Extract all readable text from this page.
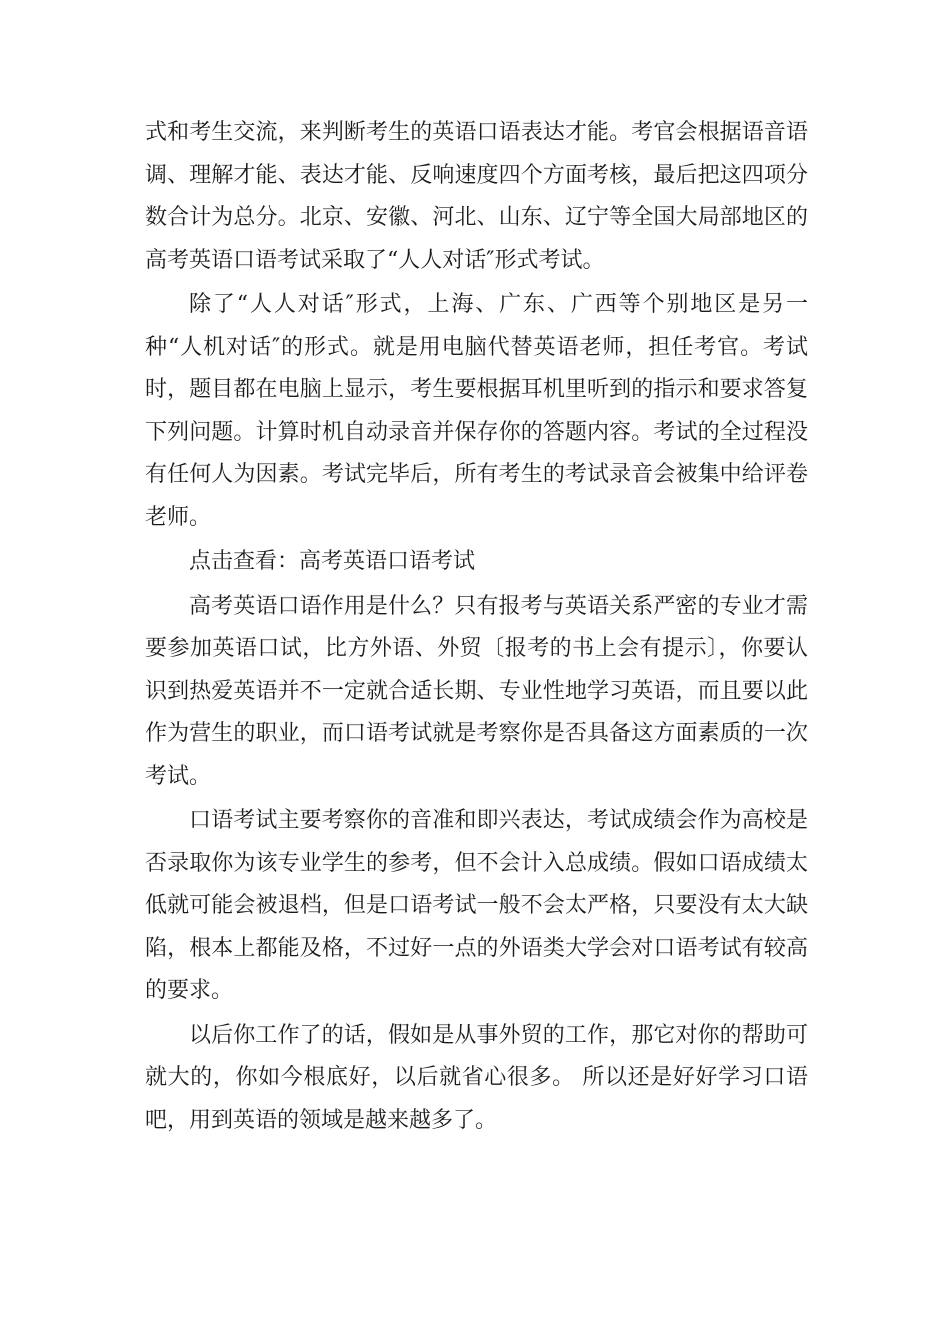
式和考生交流，来判断考生的英语口语表达才能。考官会根据语音语调、理解才能、表达才能、反响速度四个方面考核，最后把这四项分数合计为总分。北京、安徽、河北、山东、辽宁等全国大局部地区的高考英语口语考试采取了“人人对话″形式考试。

除了“人人对话″形式，上海、广东、广西等个别地区是另一种“人机对话″的形式。就是用电脑代替英语老师，担任考官。考试时，题目都在电脑上显示，考生要根据耳机里听到的指示和要求答复下列问题。计算时机自动录音并保存你的答题内容。考试的全过程没有任何人为因素。考试完毕后，所有考生的考试录音会被集中给评卷老师。

点击查看：高考英语口语考试

高考英语口语作用是什么？只有报考与英语关系严密的专业才需要参加英语口试，比方外语、外贸〔报考的书上会有提示〕，你要认识到热爱英语并不一定就合适长期、专业性地学习英语，而且要以此作为营生的职业，而口语考试就是考察你是否具备这方面素质的一次考试。

口语考试主要考察你的音准和即兴表达，考试成绩会作为高校是否录取你为该专业学生的参考，但不会计入总成绩。假如口语成绩太低就可能会被退档，但是口语考试一般不会太严格，只要没有太大缺陷，根本上都能及格，不过好一点的外语类大学会对口语考试有较高的要求。

以后你工作了的话，假如是从事外贸的工作，那它对你的帮助可就大的，你如今根底好，以后就省心很多。 所以还是好好学习口语吧，用到英语的领域是越来越多了。
